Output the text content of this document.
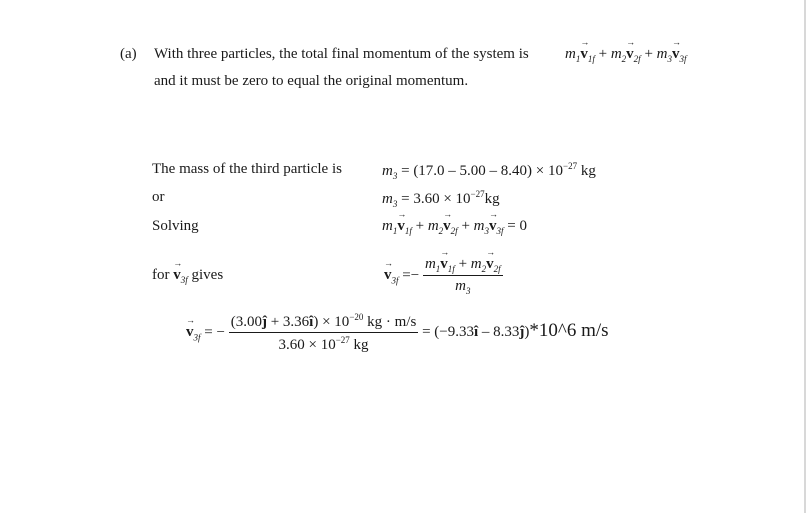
(a) With three particles, the total final momentum of the system is
and it must be zero to equal the original momentum.
$m_1\to v_{1f} + m_2\to v_{2f} + m_3\to v_{3f}$
The mass of the third particle is	$m_3 = (17.0 - 5.00 - 8.40) \times 10^{-27}$ kg
or	$m_3 = 3.60 \times 10^{-27}kg$
Solving	$m_1\to v_{1f} + m_2\to v_{2f} + m_3\to v_{3f} = 0$
for → $v_{3f}$ gives	→ $v_{3f} =- \frac{m_1\to v_{1f} + m_2\to v_{2f}}{m_3}$
→ $v_{3f}$ = − $\frac{(3.00ĵ + 3.36î) \times 10^{-20} kg \cdot m/s}{3.60 \times 10^{-27} kg}$ = (−9.33î – 8.33ĵ)*10^6 m/s
